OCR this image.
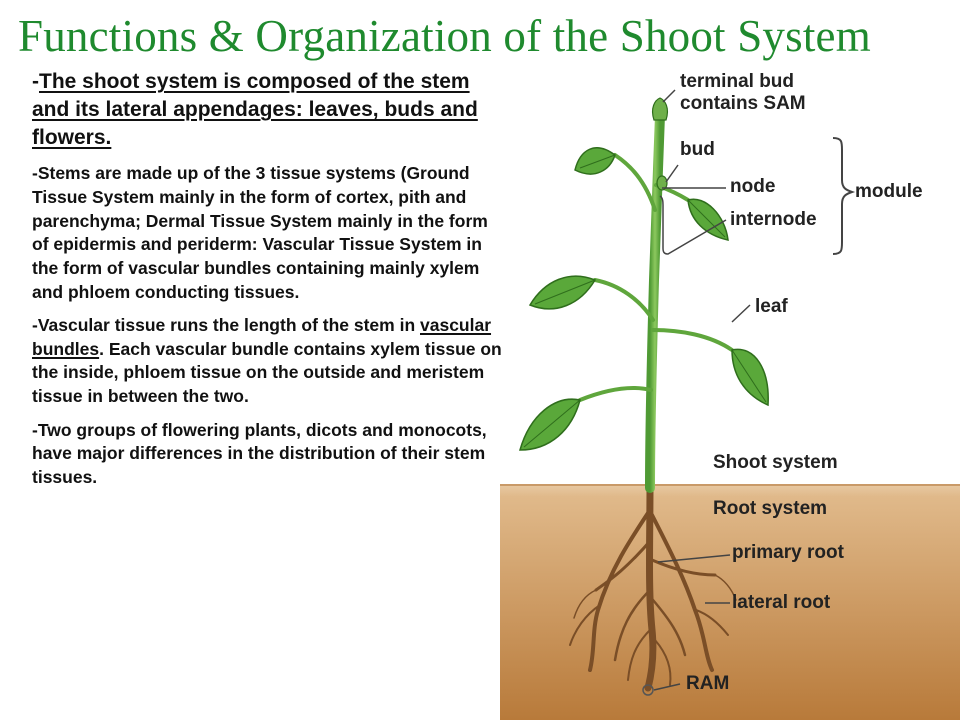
Functions & Organization of the Shoot System

-The shoot system is composed of the stem and its lateral appendages: leaves, buds and flowers.

-Stems are made up of the 3 tissue systems (Ground Tissue System mainly in the form of cortex, pith and parenchyma; Dermal Tissue System mainly in the form of epidermis and periderm: Vascular Tissue System in the form of vascular bundles containing mainly xylem and phloem conducting tissues.

-Vascular tissue runs the length of the stem in vascular bundles. Each vascular bundle contains xylem tissue on the inside, phloem tissue on the outside and meristem tissue in between the two.

-Two groups of flowering plants, dicots and monocots, have major differences in the distribution of their stem tissues.

terminal bud
contains SAM
bud
node
internode
module
leaf
Shoot system
Root system
primary root
lateral root
RAM
